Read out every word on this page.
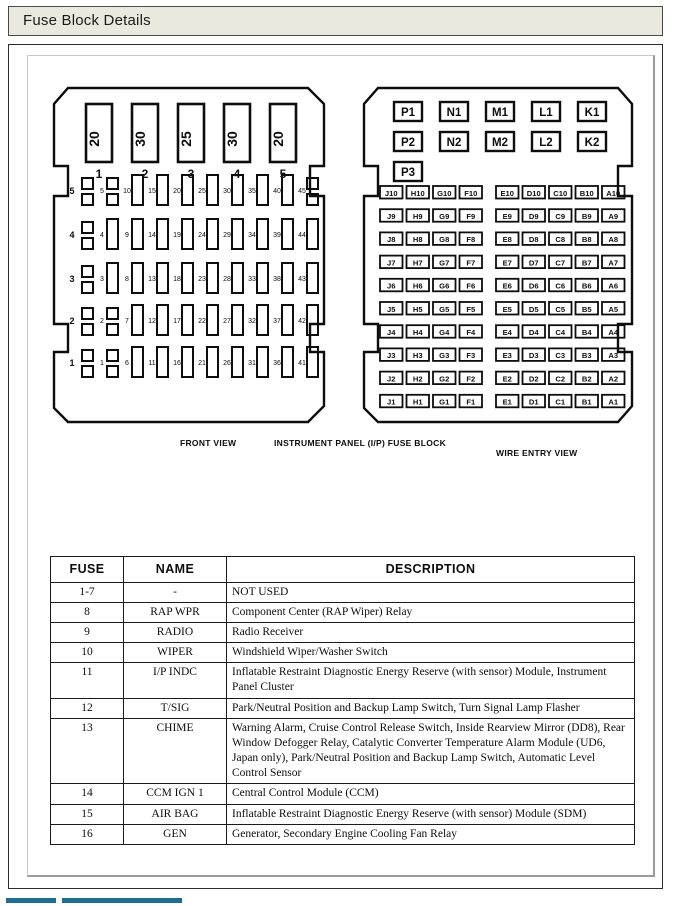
Fuse Block Details
20
1
30
2
25
3
30
4
20
5
5	5	10 15 20 25 30 35 40 45
4	4	9	14 19 24 29 34 39 44
3	3	8	13 18 23 28 33 38 43
2	2	7	12 17 22 27 32 37 42
1	1	6	11 16 21 26 31 36 41
P1	N1	M1	L1	K1
P2	N2	M2	L2	K2
P3
J10 H10 G10 F10	E10 D10 C10 B10 A10
J9 H9 G9 F9	E9 D9 C9 B9 A9
J8 H8 G8 F8	E8 D8 C8 B8 A8
J7 H7 G7 F7	E7 D7 C7 B7 A7
J6 H6 G6 F6	E6 D6 C6 B6 A6
J5 H5 G5 F5	E5 D5 C5 B5 A5
J4 H4 G4 F4	E4 D4 C4 B4 A4
J3 H3 G3 F3	E3 D3 C3 B3 A3
J2 H2 G2 F2	E2 D2 C2 B2 A2
J1 H1 G1 F1	E1 D1 C1 B1 A1
FRONT VIEW	INSTRUMENT PANEL (I/P) FUSE BLOCK
WIRE ENTRY VIEW
FUSE	NAME	DESCRIPTION
1-7	-	NOT USED
8	RAP WPR	Component Center (RAP Wiper) Relay
9	RADIO	Radio Receiver
10	WIPER	Windshield Wiper/Washer Switch
11	I/P INDC	Inflatable Restraint Diagnostic Energy Reserve (with sensor) Module, Instrument Panel Cluster
12	T/SIG	Park/Neutral Position and Backup Lamp Switch, Turn Signal Lamp Flasher
13	CHIME	Warning Alarm, Cruise Control Release Switch, Inside Rearview Mirror (DD8), Rear Window Defogger Relay, Catalytic Converter Temperature Alarm Module (UD6, Japan only), Park/Neutral Position and Backup Lamp Switch, Automatic Level Control Sensor
14	CCM IGN 1	Central Control Module (CCM)
15	AIR BAG	Inflatable Restraint Diagnostic Energy Reserve (with sensor) Module (SDM)
16	GEN	Generator, Secondary Engine Cooling Fan Relay
